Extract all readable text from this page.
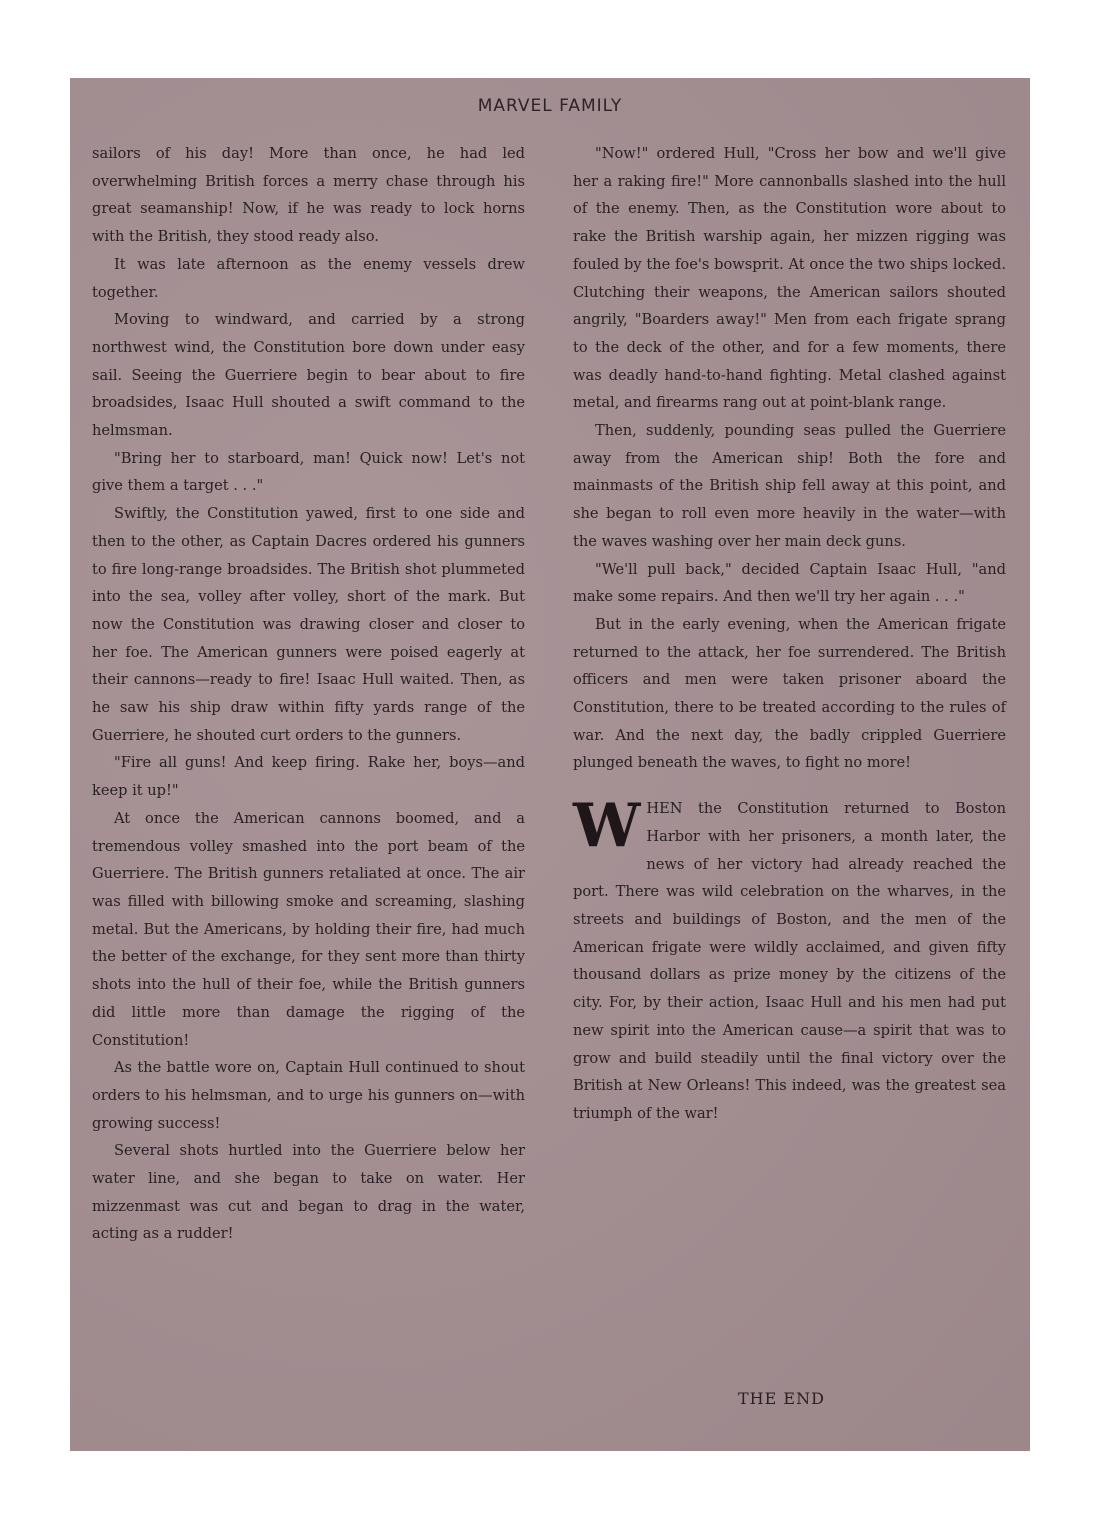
MARVEL FAMILY

sailors of his day! More than once, he had led overwhelming British forces a merry chase through his great seamanship! Now, if he was ready to lock horns with the British, they stood ready also.

It was late afternoon as the enemy vessels drew together.

Moving to windward, and carried by a strong northwest wind, the Constitution bore down under easy sail. Seeing the Guerriere begin to bear about to fire broadsides, Isaac Hull shouted a swift command to the helmsman.

"Bring her to starboard, man! Quick now! Let's not give them a target . . ."

Swiftly, the Constitution yawed, first to one side and then to the other, as Captain Dacres ordered his gunners to fire long-range broadsides. The British shot plummeted into the sea, volley after volley, short of the mark. But now the Constitution was drawing closer and closer to her foe. The American gunners were poised eagerly at their cannons—ready to fire! Isaac Hull waited. Then, as he saw his ship draw within fifty yards range of the Guerriere, he shouted curt orders to the gunners.

"Fire all guns! And keep firing. Rake her, boys—and keep it up!"

At once the American cannons boomed, and a tremendous volley smashed into the port beam of the Guerriere. The British gunners retaliated at once. The air was filled with billowing smoke and screaming, slashing metal. But the Americans, by holding their fire, had much the better of the exchange, for they sent more than thirty shots into the hull of their foe, while the British gunners did little more than damage the rigging of the Constitution!

As the battle wore on, Captain Hull continued to shout orders to his helmsman, and to urge his gunners on—with growing success!

Several shots hurtled into the Guerriere below her water line, and she began to take on water. Her mizzenmast was cut and began to drag in the water, acting as a rudder!

"Now!" ordered Hull, "Cross her bow and we'll give her a raking fire!" More cannonballs slashed into the hull of the enemy. Then, as the Constitution wore about to rake the British warship again, her mizzen rigging was fouled by the foe's bowsprit. At once the two ships locked. Clutching their weapons, the American sailors shouted angrily, "Boarders away!" Men from each frigate sprang to the deck of the other, and for a few moments, there was deadly hand-to-hand fighting. Metal clashed against metal, and firearms rang out at point-blank range.

Then, suddenly, pounding seas pulled the Guerriere away from the American ship! Both the fore and mainmasts of the British ship fell away at this point, and she began to roll even more heavily in the water—with the waves washing over her main deck guns.

"We'll pull back," decided Captain Isaac Hull, "and make some repairs. And then we'll try her again . . ."

But in the early evening, when the American frigate returned to the attack, her foe surrendered. The British officers and men were taken prisoner aboard the Constitution, there to be treated according to the rules of war. And the next day, the badly crippled Guerriere plunged beneath the waves, to fight no more!

WHEN the Constitution returned to Boston Harbor with her prisoners, a month later, the news of her victory had already reached the port. There was wild celebration on the wharves, in the streets and buildings of Boston, and the men of the American frigate were wildly acclaimed, and given fifty thousand dollars as prize money by the citizens of the city. For, by their action, Isaac Hull and his men had put new spirit into the American cause—a spirit that was to grow and build steadily until the final victory over the British at New Orleans! This indeed, was the greatest sea triumph of the war!

THE END
